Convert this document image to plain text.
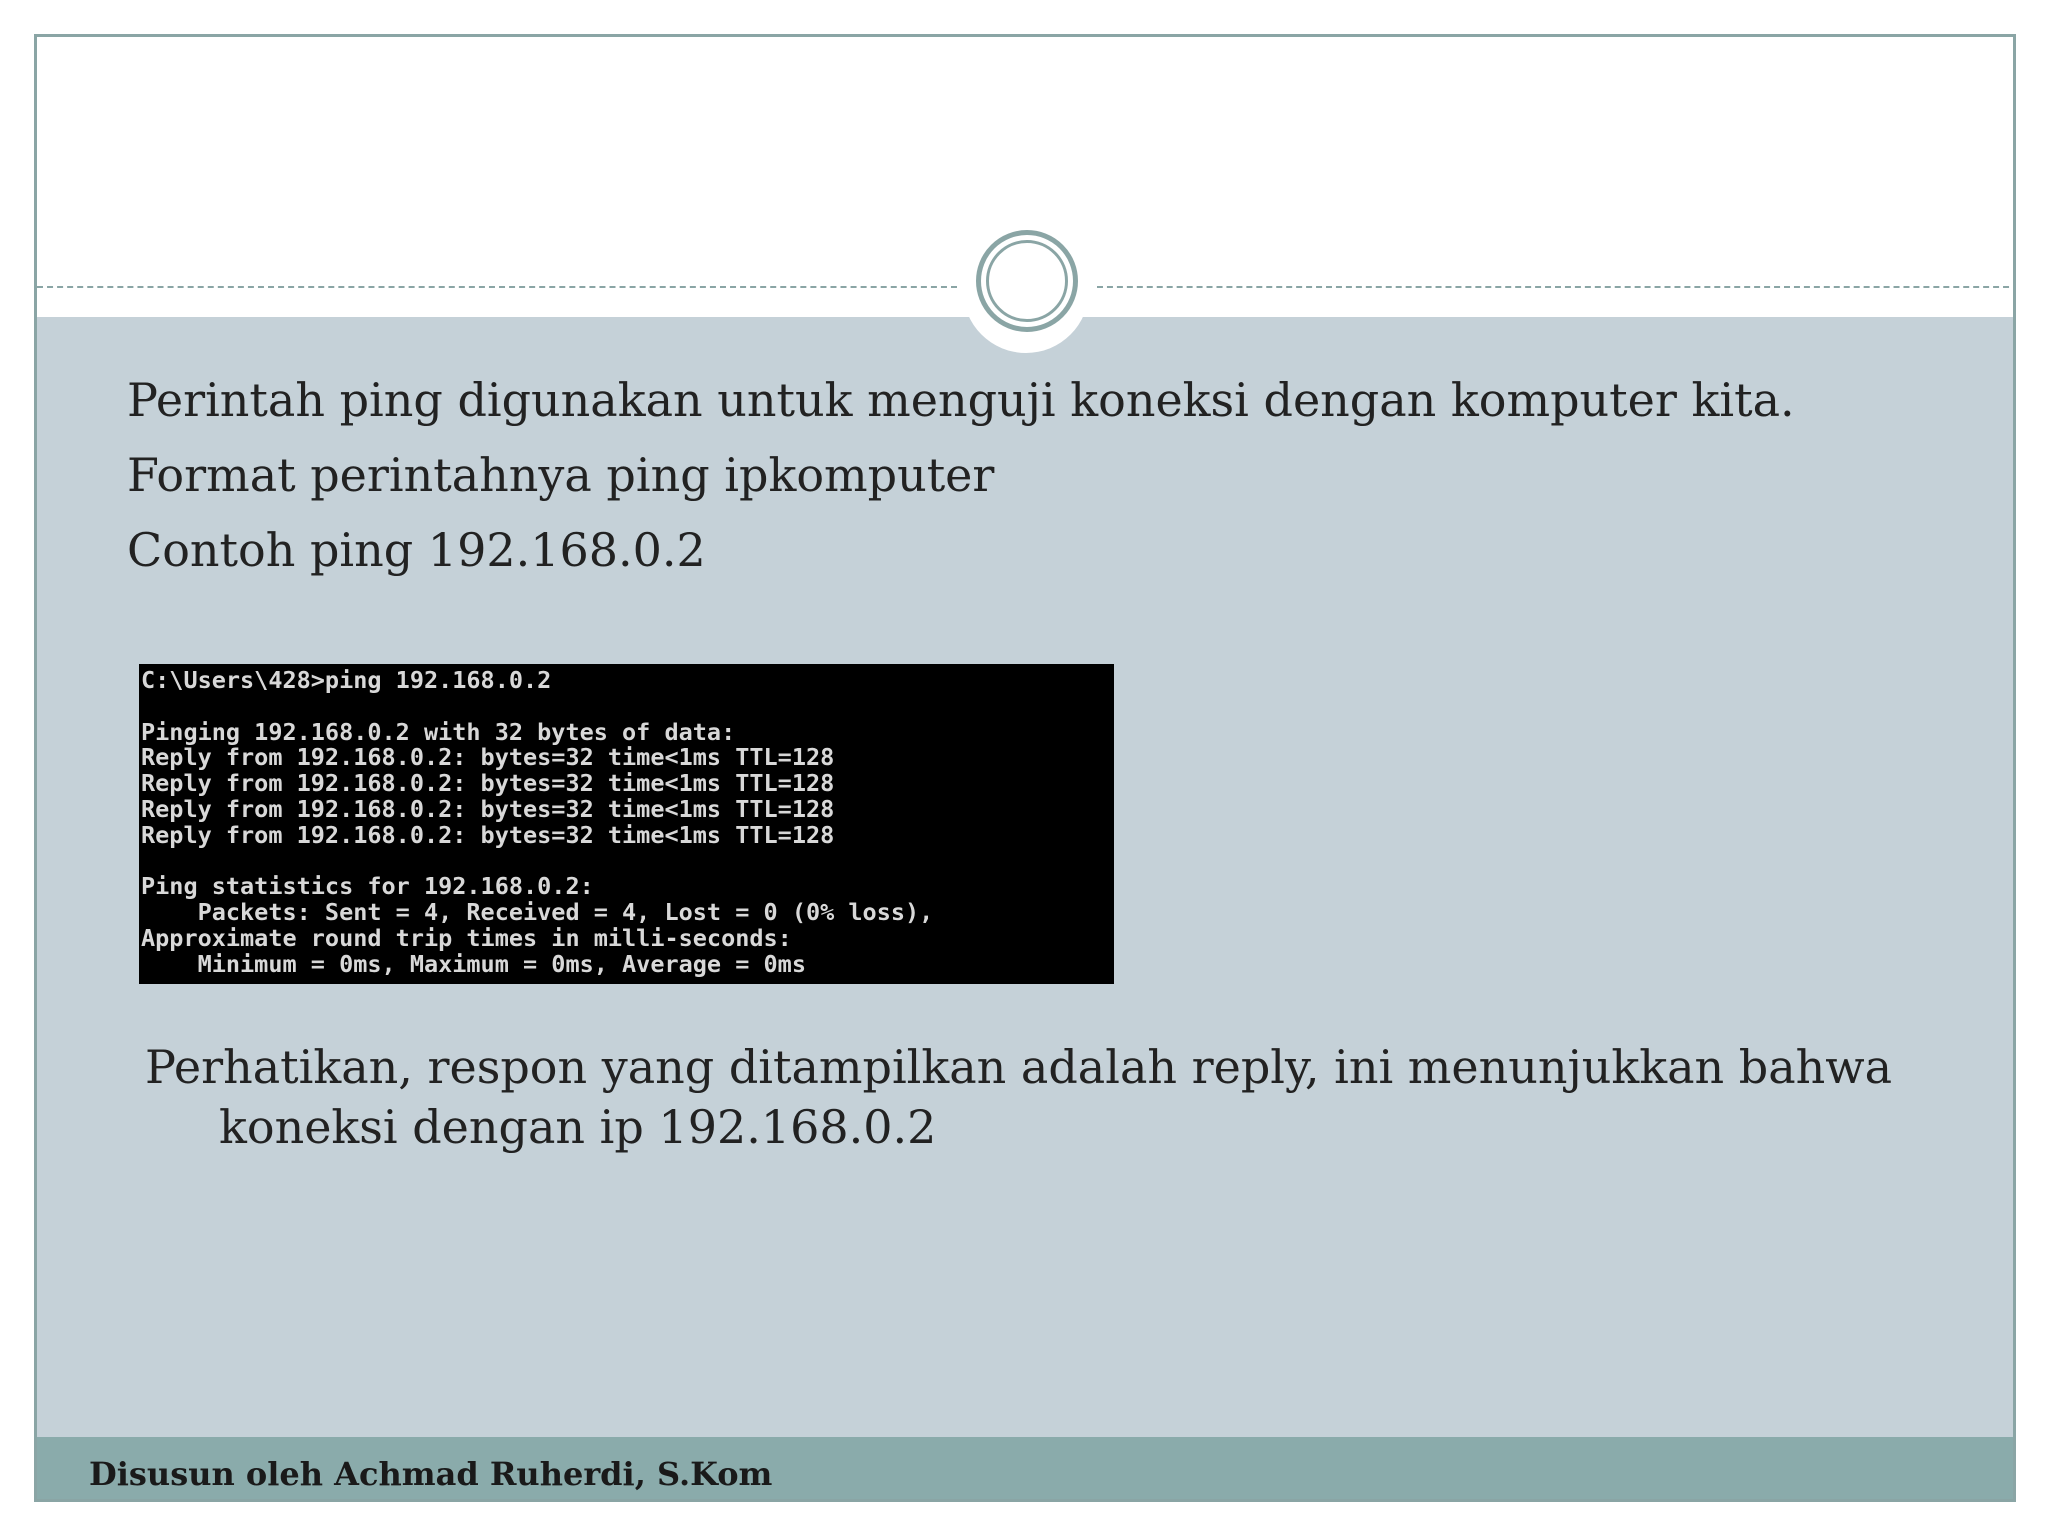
Perintah ping digunakan untuk menguji koneksi dengan komputer kita.
Format perintahnya ping ipkomputer
Contoh ping 192.168.0.2
C:\Users\428>ping 192.168.0.2
Pinging 192.168.0.2 with 32 bytes of data:
Reply from 192.168.0.2: bytes=32 time<1ms TTL=128
Reply from 192.168.0.2: bytes=32 time<1ms TTL=128
Reply from 192.168.0.2: bytes=32 time<1ms TTL=128
Reply from 192.168.0.2: bytes=32 time<1ms TTL=128
Ping statistics for 192.168.0.2:
Packets: Sent = 4, Received = 4, Lost = 0 (0% loss),
Approximate round trip times in milli-seconds:
Minimum = 0ms, Maximum = 0ms, Average = 0ms
Perhatikan, respon yang ditampilkan adalah reply, ini menunjukkan bahwa koneksi dengan ip 192.168.0.2
Disusun oleh Achmad Ruherdi, S.Kom
